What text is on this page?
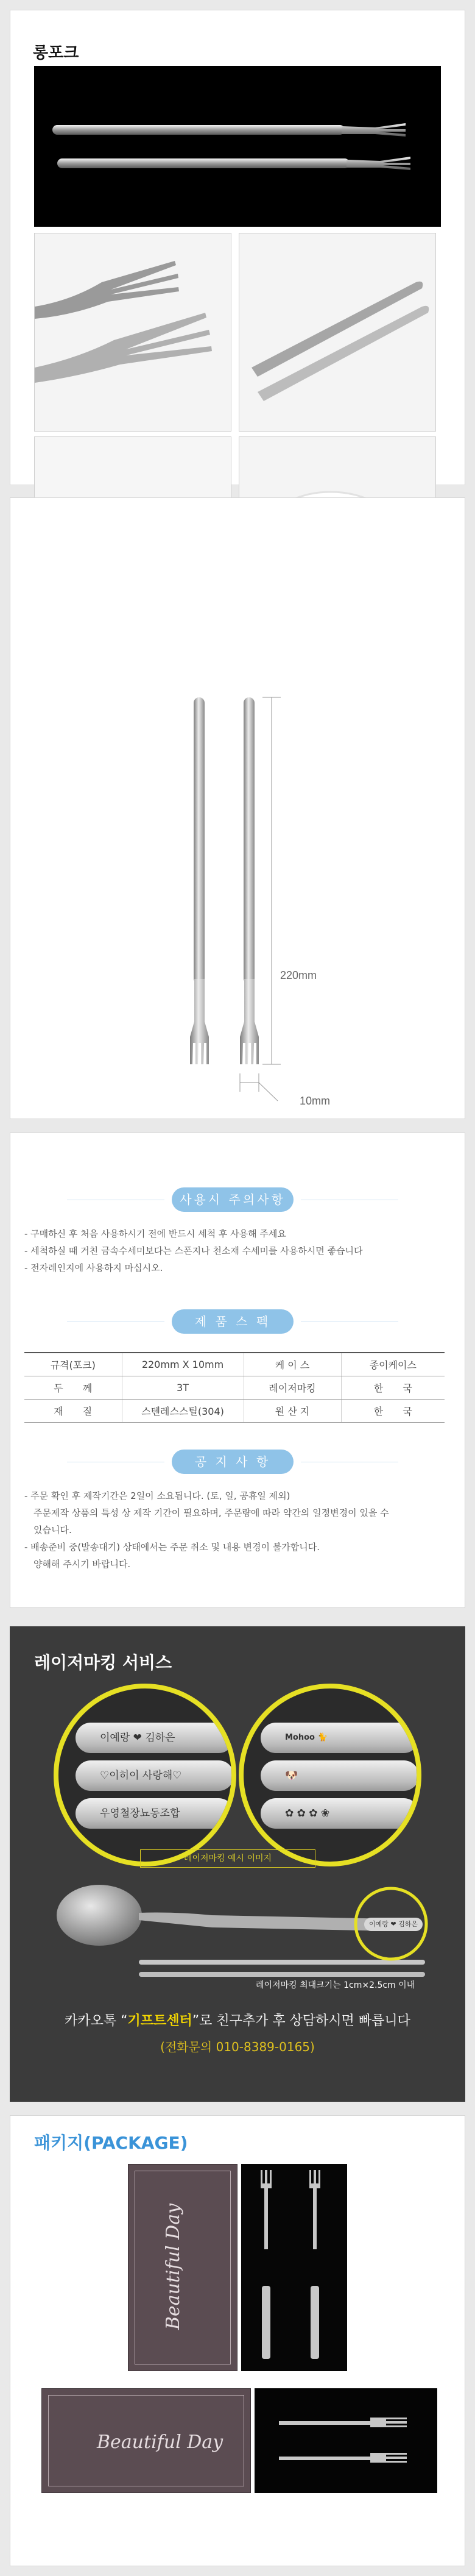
롱포크
220mm
10mm
사용시 주의사항
- 구매하신 후 처음 사용하시기 전에 반드시 세척 후 사용해 주세요
- 세척하실 때 거친 금속수세미보다는 스폰지나 천소재 수세미를 사용하시면 좋습니다
- 전자레인지에 사용하지 마십시오.
제 품 스 펙
규격(포크)	220mm X 10mm	케 이 스	종이케이스
두　　께	3T	레이저마킹	한　　국
재　　질	스텐레스스틸(304)	원 산 지	한　　국
공 지 사 항
- 주문 확인 후 제작기간은 2일이 소요됩니다. (토, 일, 공휴일 제외)
　주문제작 상품의 특성 상 제작 기간이 필요하며, 주문량에 따라 약간의 일정변경이 있을 수
　있습니다.
- 배송준비 중(발송대기) 상태에서는 주문 취소 및 내용 변경이 불가합니다.
　양해해 주시기 바랍니다.
레이저마킹 서비스
이예랑 ❤ 김하은
♡이히이 사랑해♡
우영철장뇨동조합
Mohoo 🐈
🐶
✿ ✿ ✿ ❀
레이저마킹 예시 이미지
이예랑 ❤ 김하은
레이저마킹 최대크기는 1cm×2.5cm 이내
카카오톡 “기프트센터”로 친구추가 후 상담하시면 빠릅니다
(전화문의 010-8389-0165)
패키지(PACKAGE)
Beautiful Day
Beautiful Day
